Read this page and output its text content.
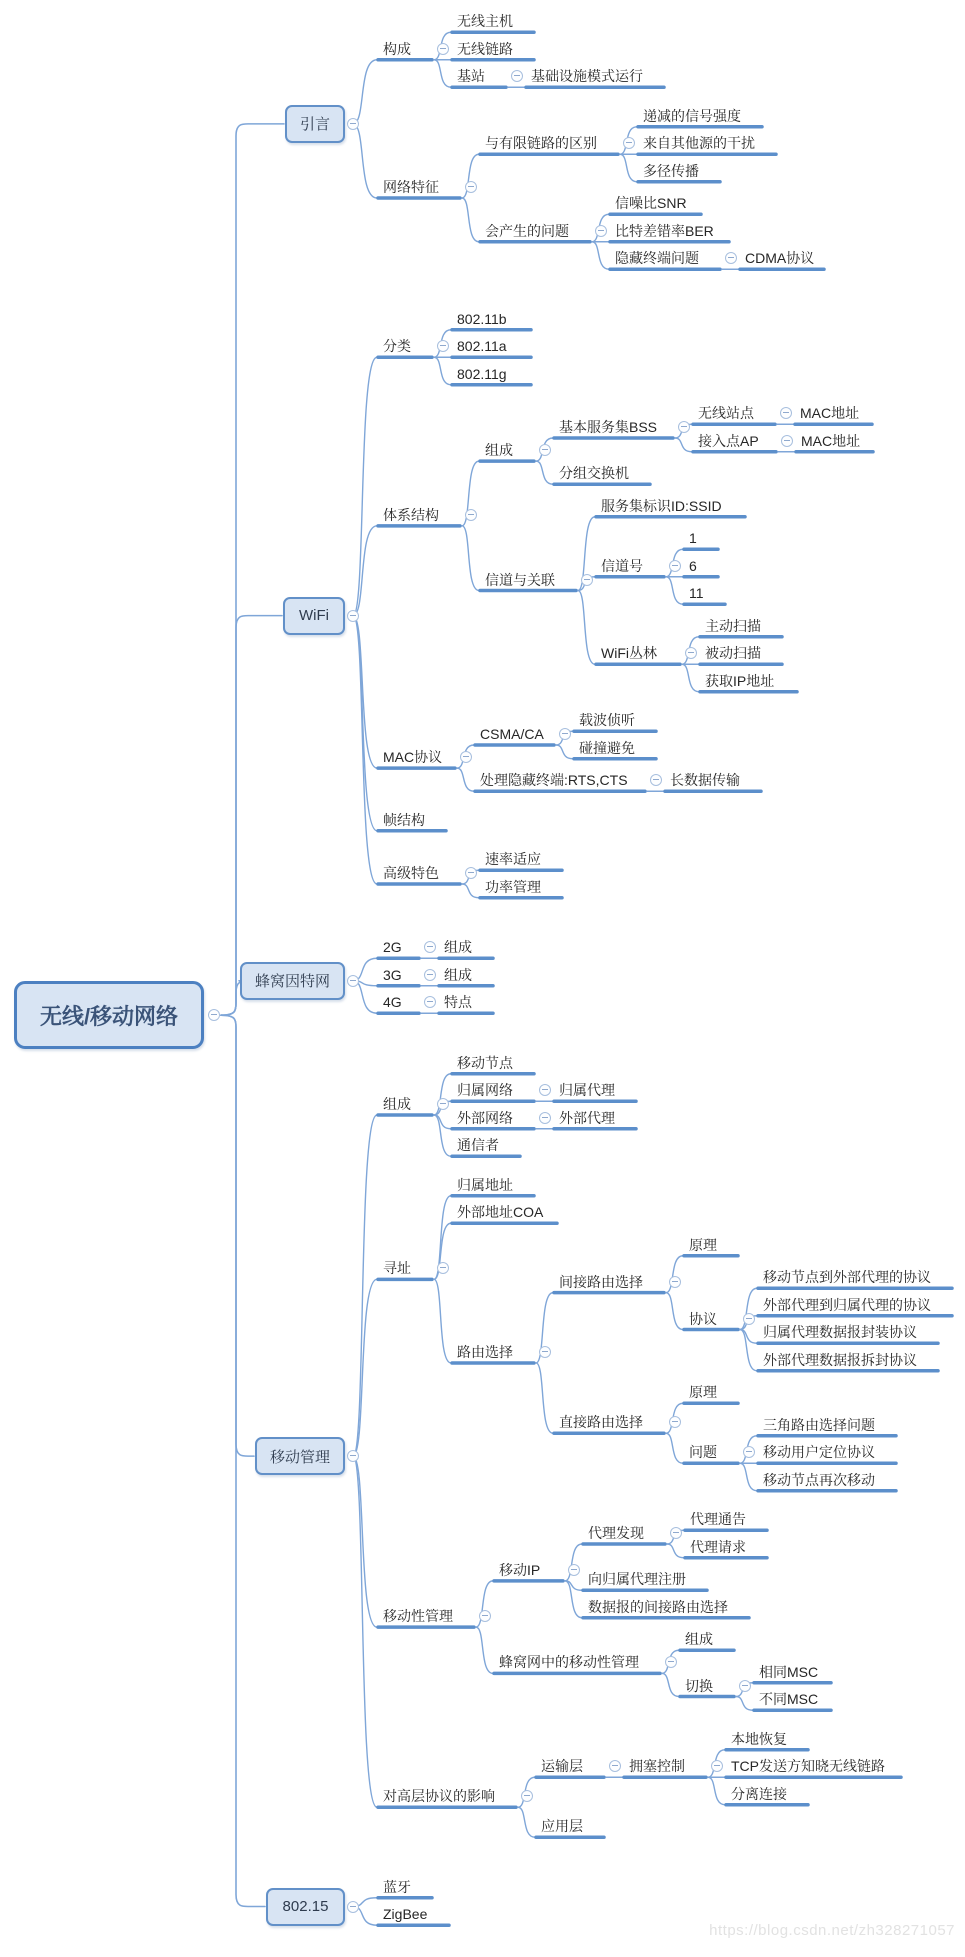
无线/移动网络
引言
构成
无线主机
无线链路
基站	基础设施模式运行
网络特征
与有限链路的区别
递减的信号强度
来自其他源的干扰
多径传播
会产生的问题
信噪比SNR
比特差错率BER
隐藏终端问题	CDMA协议
WiFi
分类
802.11b
802.11a
802.11g
体系结构
组成
基本服务集BSS
无线站点	MAC地址
接入点AP	MAC地址
分组交换机
信道与关联
服务集标识ID:SSID
信道号
1
6
11
WiFi丛林
主动扫描
被动扫描
获取IP地址
MAC协议
CSMA/CA
载波侦听
碰撞避免
处理隐藏终端:RTS,CTS	长数据传输
帧结构
高级特色
速率适应
功率管理
蜂窝因特网
2G	组成
3G	组成
4G	特点
移动管理
组成
移动节点
归属网络	归属代理
外部网络	外部代理
通信者
寻址
归属地址
外部地址COA
路由选择
间接路由选择
原理
协议
移动节点到外部代理的协议
外部代理到归属代理的协议
归属代理数据报封装协议
外部代理数据报拆封协议
直接路由选择
原理
问题
三角路由选择问题
移动用户定位协议
移动节点再次移动
移动性管理
移动IP
代理发现
代理通告
代理请求
向归属代理注册
数据报的间接路由选择
蜂窝网中的移动性管理
组成
切换
相同MSC
不同MSC
对高层协议的影响
运输层	拥塞控制
本地恢复
TCP发送方知晓无线链路
分离连接
应用层
802.15
蓝牙
ZigBee
https://blog.csdn.net/zh328271057
